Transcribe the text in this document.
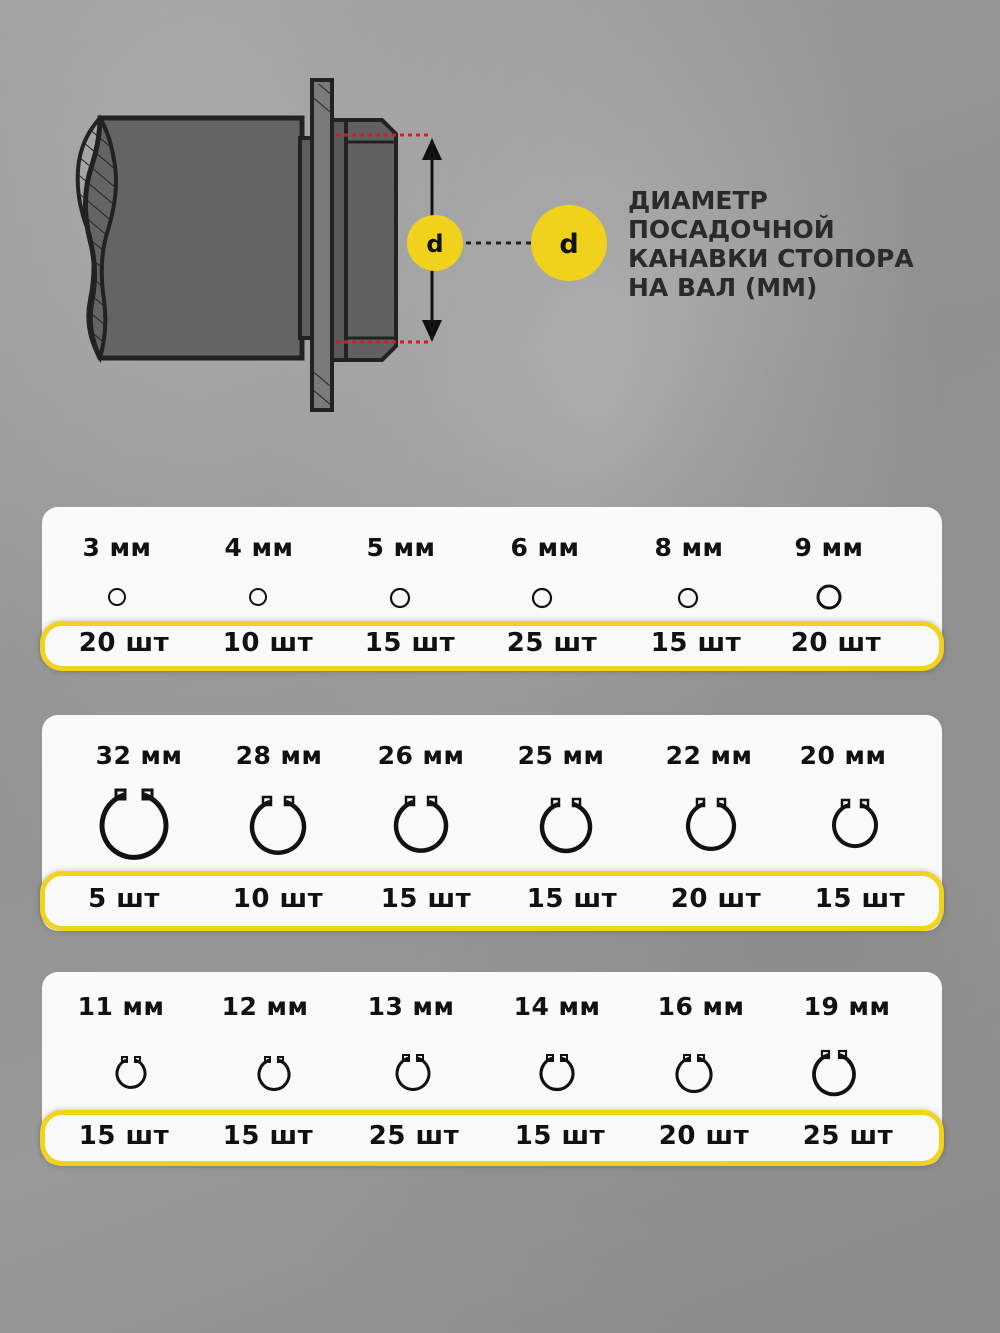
d	d
ДИАМЕТР
ПОСАДОЧНОЙ
КАНАВКИ СТОПОРА
НА ВАЛ (ММ)
3 мм	4 мм	5 мм	6 мм	8 мм	9 мм
20 шт	10 шт	15 шт	25 шт	15 шт	20 шт
32 мм	28 мм	26 мм	25 мм	22 мм	20 мм
5 шт	10 шт	15 шт	15 шт	20 шт	15 шт
11 мм	12 мм	13 мм	14 мм	16 мм	19 мм
15 шт	15 шт	25 шт	15 шт	20 шт	25 шт
